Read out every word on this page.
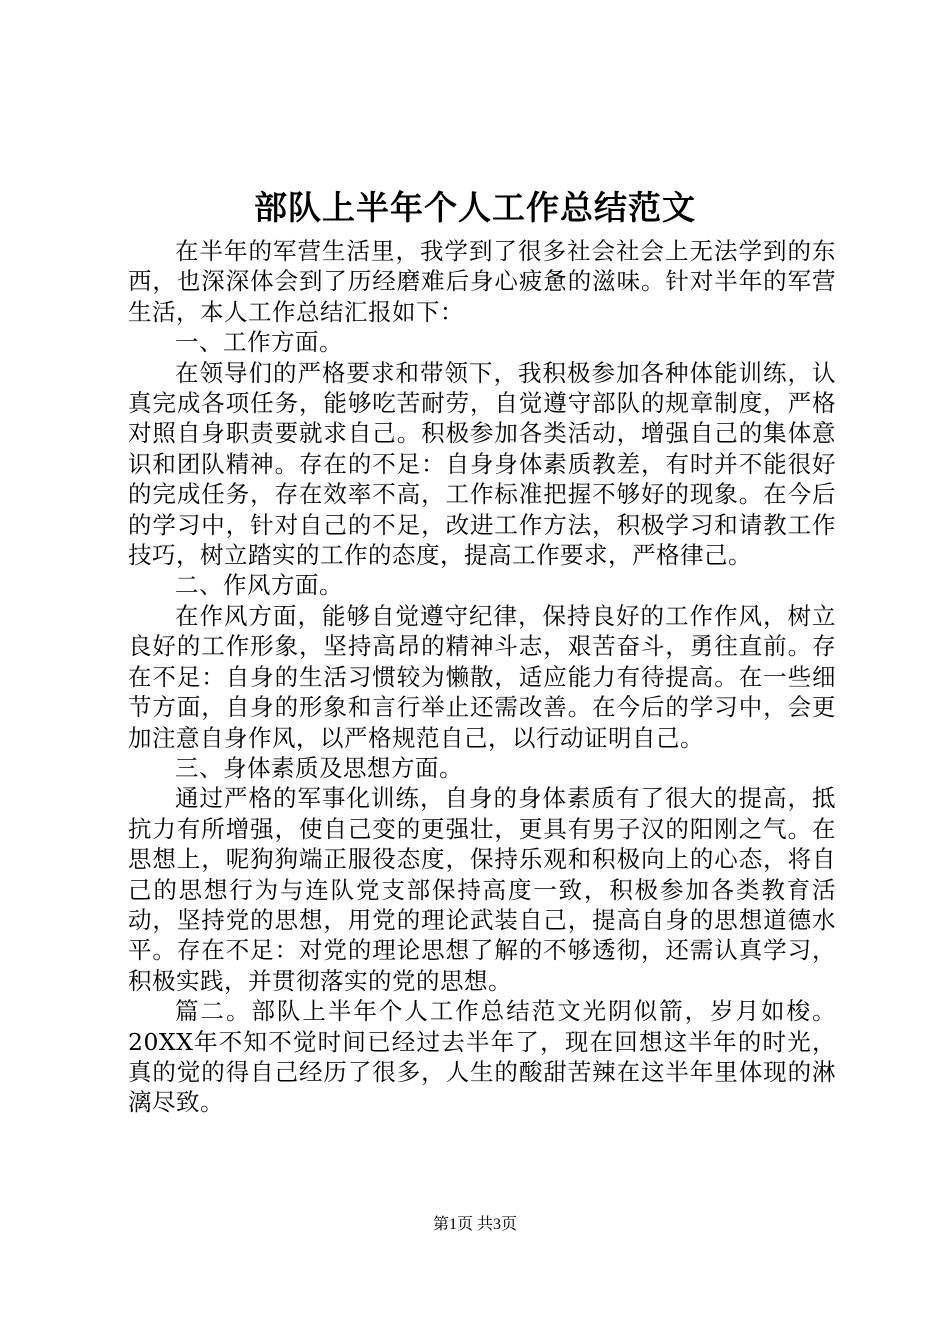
部队上半年个人工作总结范文

在半年的军营生活里，我学到了很多社会社会上无法学到的东西，也深深体会到了历经磨难后身心疲惫的滋味。针对半年的军营生活，本人工作总结汇报如下：

一、工作方面。

在领导们的严格要求和带领下，我积极参加各种体能训练，认真完成各项任务，能够吃苦耐劳，自觉遵守部队的规章制度，严格对照自身职责要就求自己。积极参加各类活动，增强自己的集体意识和团队精神。存在的不足：自身身体素质教差，有时并不能很好的完成任务，存在效率不高，工作标准把握不够好的现象。在今后的学习中，针对自己的不足，改进工作方法，积极学习和请教工作技巧，树立踏实的工作的态度，提高工作要求，严格律己。

二、作风方面。

在作风方面，能够自觉遵守纪律，保持良好的工作作风，树立良好的工作形象，坚持高昂的精神斗志，艰苦奋斗，勇往直前。存在不足：自身的生活习惯较为懒散，适应能力有待提高。在一些细节方面，自身的形象和言行举止还需改善。在今后的学习中，会更加注意自身作风，以严格规范自己，以行动证明自己。

三、身体素质及思想方面。

通过严格的军事化训练，自身的身体素质有了很大的提高，抵抗力有所增强，使自己变的更强壮，更具有男子汉的阳刚之气。在思想上，呢狗狗端正服役态度，保持乐观和积极向上的心态，将自己的思想行为与连队党支部保持高度一致，积极参加各类教育活动，坚持党的思想，用党的理论武装自己，提高自身的思想道德水平。存在不足：对党的理论思想了解的不够透彻，还需认真学习，积极实践，并贯彻落实的党的思想。

篇二。部队上半年个人工作总结范文光阴似箭，岁月如梭。20XX年不知不觉时间已经过去半年了，现在回想这半年的时光，真的觉的得自己经历了很多，人生的酸甜苦辣在这半年里体现的淋漓尽致。

第1页 共3页
